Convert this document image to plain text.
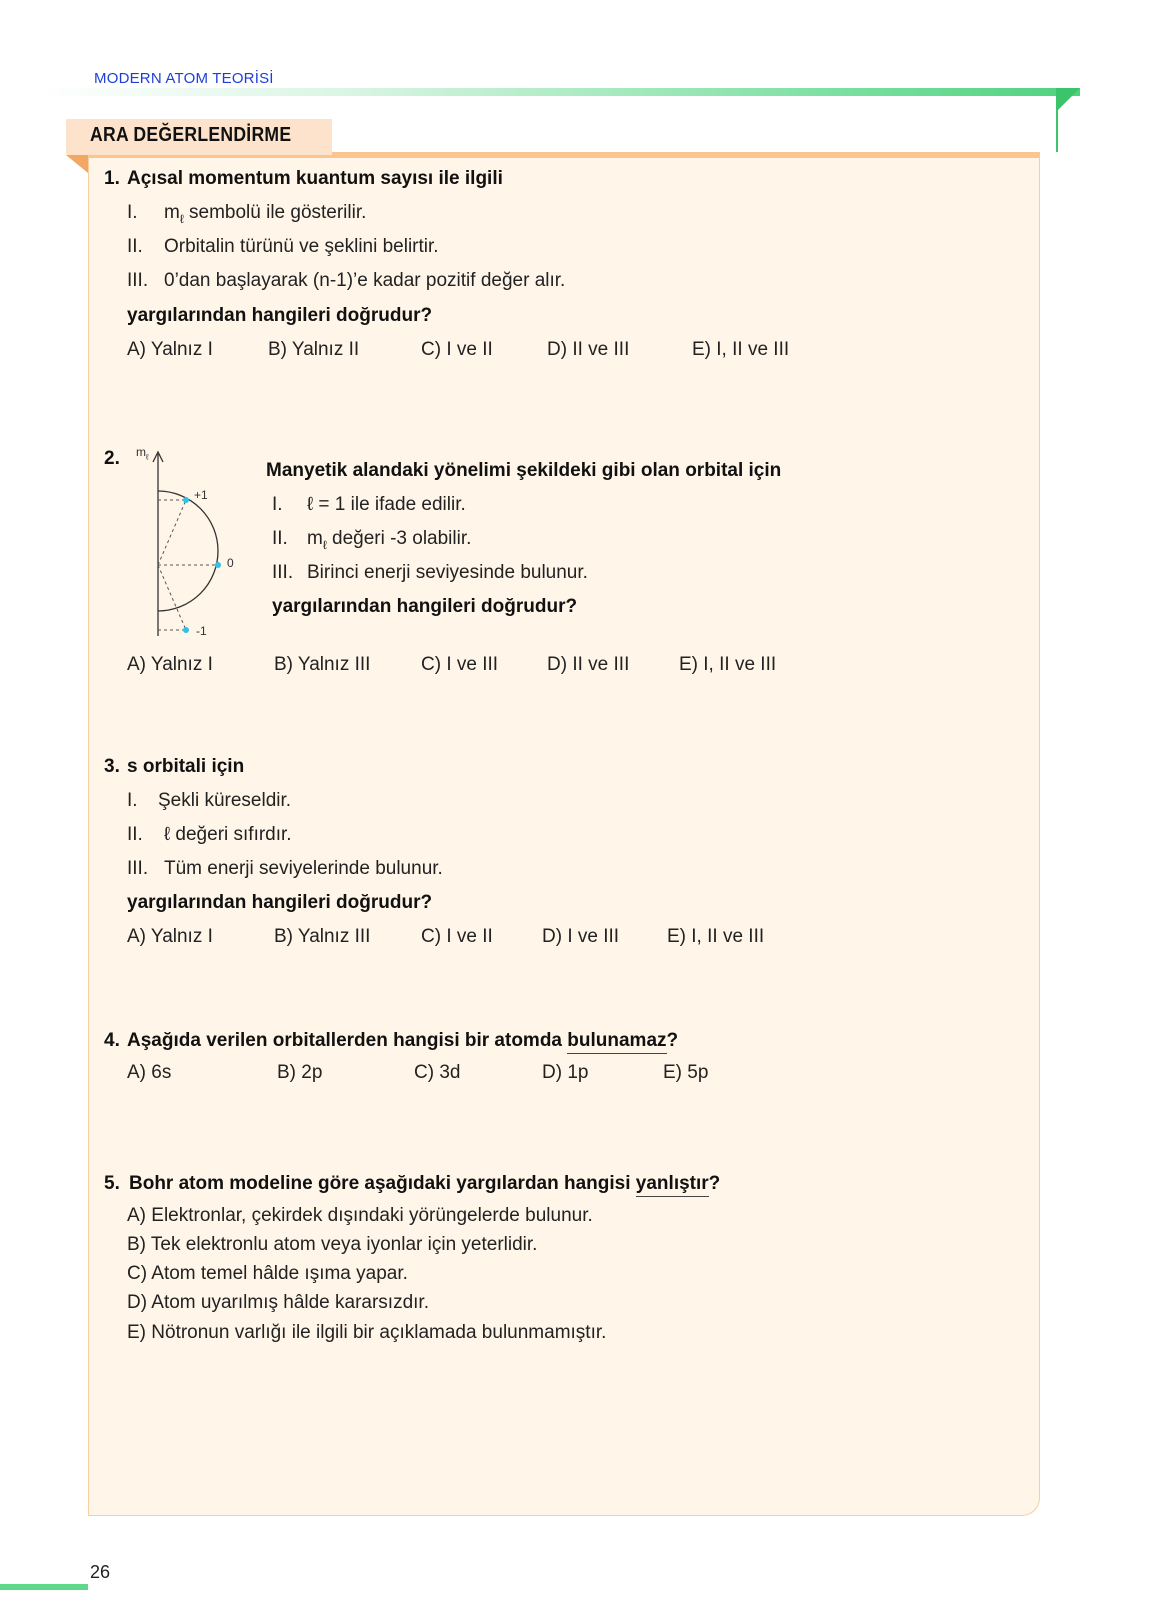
MODERN ATOM TEORİSİ
ARA DEĞERLENDİRME
1. Açısal momentum kuantum sayısı ile ilgili
I. $m_\ell$ sembolü ile gösterilir.
II. Orbitalin türünü ve şeklini belirtir.
III. 0’dan başlayarak (n-1)’e kadar pozitif değer alır.
yargılarından hangileri doğrudur?
A) Yalnız I	B) Yalnız II	C) I ve II	D) II ve III	E) I, II ve III
2. $m_\ell$
+1
0
-1
Manyetik alandaki yönelimi şekildeki gibi olan orbital için
I. ℓ = 1 ile ifade edilir.
II. $m_\ell$ değeri -3 olabilir.
III. Birinci enerji seviyesinde bulunur.
yargılarından hangileri doğrudur?
A) Yalnız I	B) Yalnız III	C) I ve III	D) II ve III	E) I, II ve III
3. s orbitali için
I. Şekli küreseldir.
II. ℓ değeri sıfırdır.
III. Tüm enerji seviyelerinde bulunur.
yargılarından hangileri doğrudur?
A) Yalnız I	B) Yalnız III	C) I ve II	D) I ve III	E) I, II ve III
4. Aşağıda verilen orbitallerden hangisi bir atomda bulunamaz?
A) 6s	B) 2p	C) 3d	D) 1p	E) 5p
5. Bohr atom modeline göre aşağıdaki yargılardan hangisi yanlıştır?
A) Elektronlar, çekirdek dışındaki yörüngelerde bulunur.
B) Tek elektronlu atom veya iyonlar için yeterlidir.
C) Atom temel hâlde ışıma yapar.
D) Atom uyarılmış hâlde kararsızdır.
E) Nötronun varlığı ile ilgili bir açıklamada bulunmamıştır.
26
